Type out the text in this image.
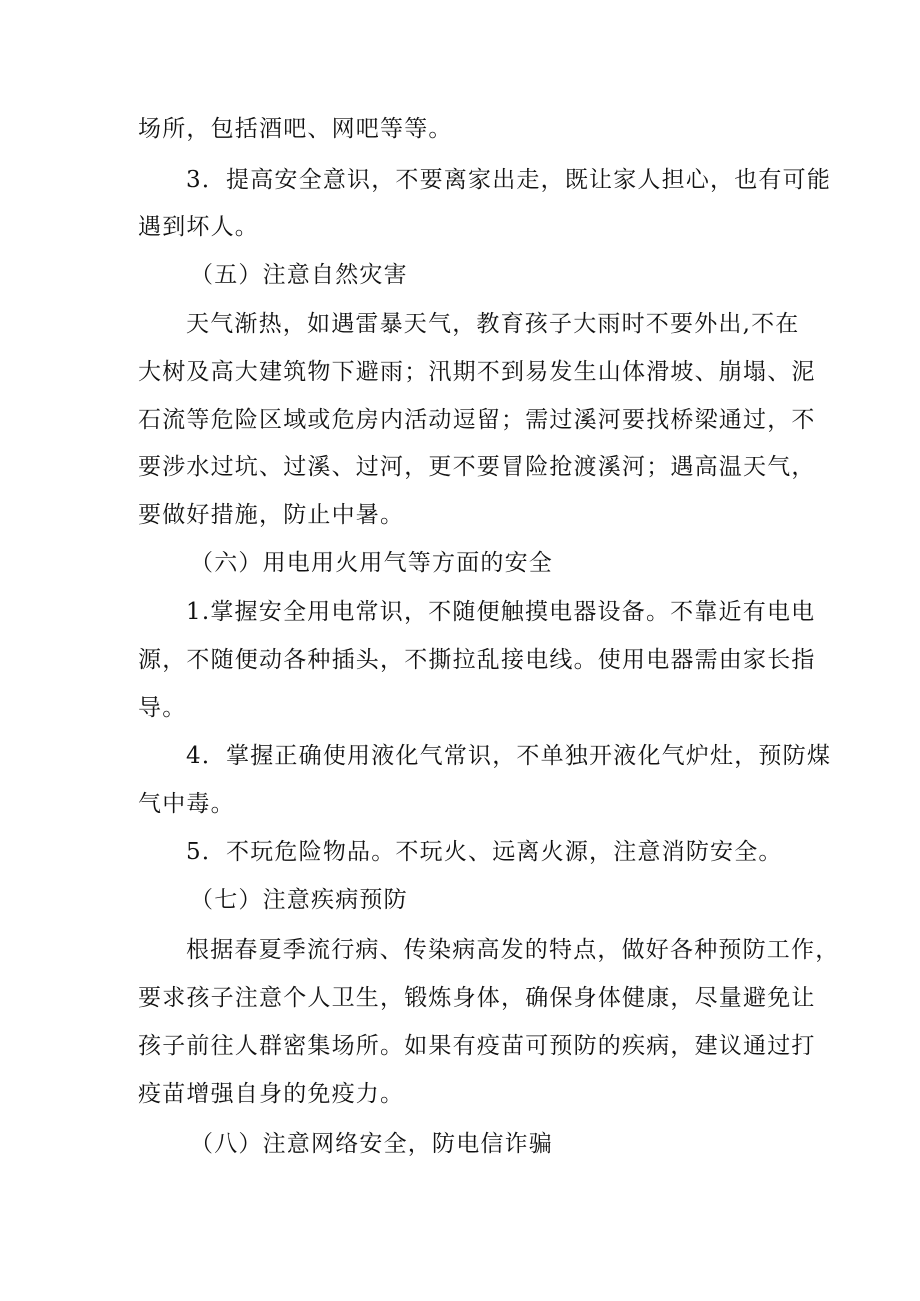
场所，包括酒吧、网吧等等。
3．提高安全意识，不要离家出走，既让家人担心，也有可能
遇到坏人。
（五）注意自然灾害
天气渐热，如遇雷暴天气，教育孩子大雨时不要外出,不在
大树及高大建筑物下避雨；汛期不到易发生山体滑坡、崩塌、泥
石流等危险区域或危房内活动逗留；需过溪河要找桥梁通过，不
要涉水过坑、过溪、过河，更不要冒险抢渡溪河；遇高温天气，
要做好措施，防止中暑。
（六）用电用火用气等方面的安全
1.掌握安全用电常识，不随便触摸电器设备。不靠近有电电
源，不随便动各种插头，不撕拉乱接电线。使用电器需由家长指
导。
4．掌握正确使用液化气常识，不单独开液化气炉灶，预防煤
气中毒。
5．不玩危险物品。不玩火、远离火源，注意消防安全。
（七）注意疾病预防
根据春夏季流行病、传染病高发的特点，做好各种预防工作，
要求孩子注意个人卫生，锻炼身体，确保身体健康，尽量避免让
孩子前往人群密集场所。如果有疫苗可预防的疾病，建议通过打
疫苗增强自身的免疫力。
（八）注意网络安全，防电信诈骗
